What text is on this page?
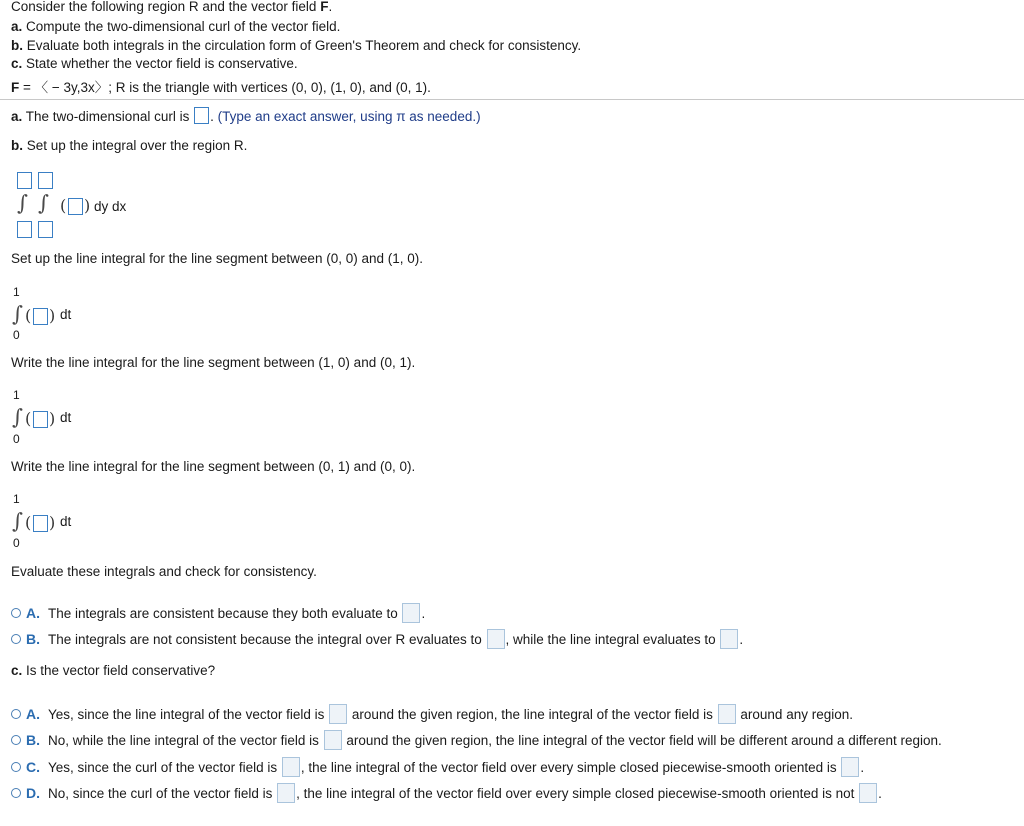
Consider the following region R and the vector field F.
a. Compute the two-dimensional curl of the vector field.
b. Evaluate both integrals in the circulation form of Green's Theorem and check for consistency.
c. State whether the vector field is conservative.
F = 〈 − 3y,3x〉; R is the triangle with vertices (0, 0), (1, 0), and (0, 1).
a. The two-dimensional curl is . (Type an exact answer, using π as needed.)
b. Set up the integral over the region R.
∫ ∫ ( ) dy dx
Set up the line integral for the line segment between (0, 0) and (1, 0).
1
∫ ( ) dt
0
Write the line integral for the line segment between (1, 0) and (0, 1).
1
∫ ( ) dt
0
Write the line integral for the line segment between (0, 1) and (0, 0).
1
∫ ( ) dt
0
Evaluate these integrals and check for consistency.
A. The integrals are consistent because they both evaluate to .
B. The integrals are not consistent because the integral over R evaluates to , while the line integral evaluates to .
c. Is the vector field conservative?
A. Yes, since the line integral of the vector field is  around the given region, the line integral of the vector field is  around any region.
B. No, while the line integral of the vector field is  around the given region, the line integral of the vector field will be different around a different region.
C. Yes, since the curl of the vector field is , the line integral of the vector field over every simple closed piecewise-smooth oriented is .
D. No, since the curl of the vector field is , the line integral of the vector field over every simple closed piecewise-smooth oriented is not .
